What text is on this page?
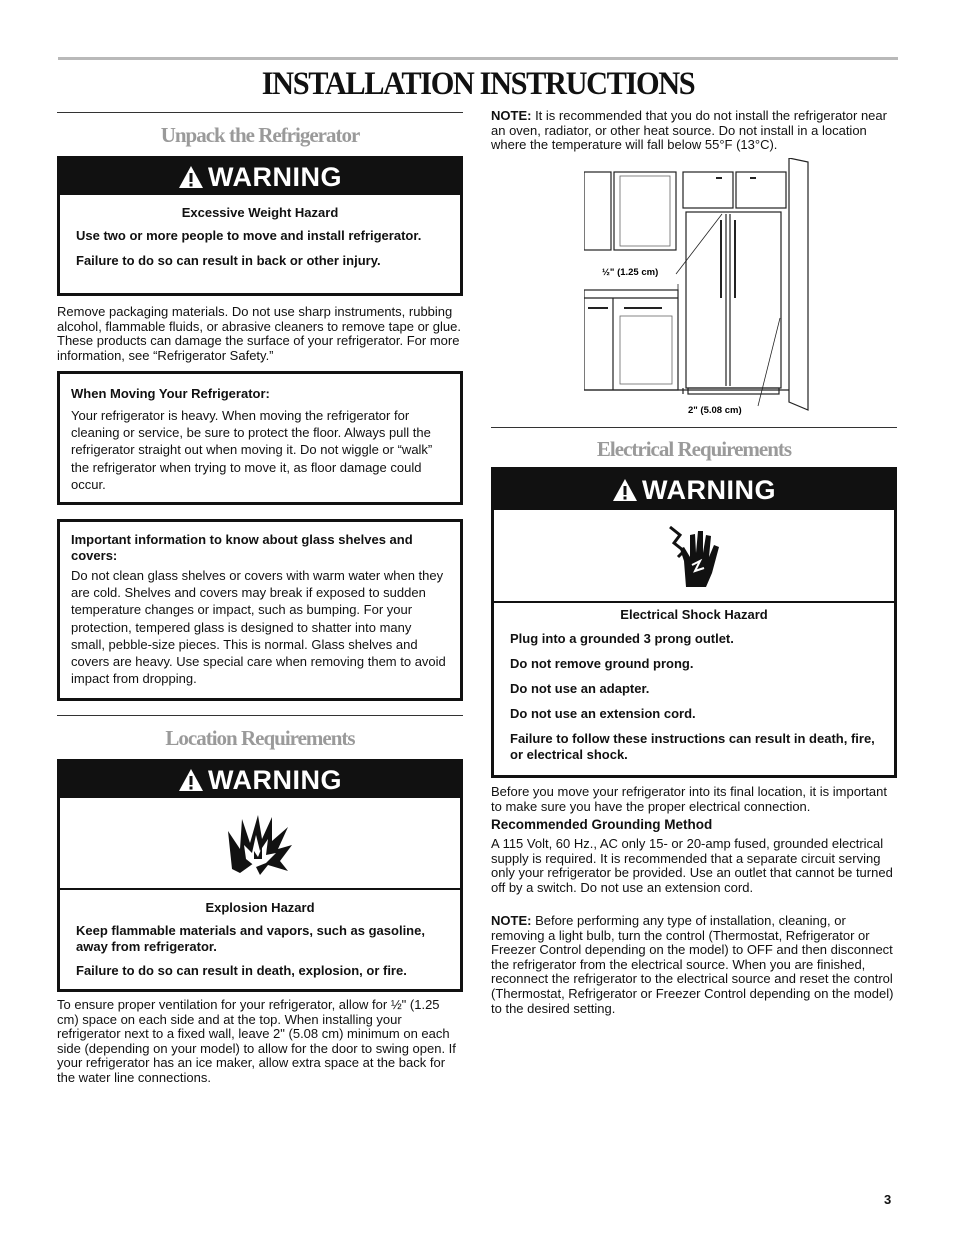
INSTALLATION INSTRUCTIONS
Unpack the Refrigerator
WARNING
Excessive Weight Hazard
Use two or more people to move and install refrigerator.
Failure to do so can result in back or other injury.

Remove packaging materials. Do not use sharp instruments, rubbing alcohol, flammable fluids, or abrasive cleaners to remove tape or glue. These products can damage the surface of your refrigerator. For more information, see “Refrigerator Safety.”

When Moving Your Refrigerator:
Your refrigerator is heavy. When moving the refrigerator for cleaning or service, be sure to protect the floor. Always pull the refrigerator straight out when moving it. Do not wiggle or “walk” the refrigerator when trying to move it, as floor damage could occur.
Important information to know about glass shelves and covers:
Do not clean glass shelves or covers with warm water when they are cold. Shelves and covers may break if exposed to sudden temperature changes or impact, such as bumping. For your protection, tempered glass is designed to shatter into many small, pebble-size pieces. This is normal. Glass shelves and covers are heavy. Use special care when removing them to avoid impact from dropping.
Location Requirements
WARNING
Explosion Hazard
Keep flammable materials and vapors, such as gasoline, away from refrigerator.
Failure to do so can result in death, explosion, or fire.

To ensure proper ventilation for your refrigerator, allow for ½" (1.25 cm) space on each side and at the top. When installing your refrigerator next to a fixed wall, leave 2" (5.08 cm) minimum on each side (depending on your model) to allow for the door to swing open. If your refrigerator has an ice maker, allow extra space at the back for the water line connections.

NOTE: It is recommended that you do not install the refrigerator near an oven, radiator, or other heat source. Do not install in a location where the temperature will fall below 55°F (13°C).

½" (1.25 cm)
2" (5.08 cm)
Electrical Requirements
WARNING
Electrical Shock Hazard
Plug into a grounded 3 prong outlet.
Do not remove ground prong.
Do not use an adapter.
Do not use an extension cord.
Failure to follow these instructions can result in death, fire, or electrical shock.

Before you move your refrigerator into its final location, it is important to make sure you have the proper electrical connection.

Recommended Grounding Method

A 115 Volt, 60 Hz., AC only 15- or 20-amp fused, grounded electrical supply is required. It is recommended that a separate circuit serving only your refrigerator be provided. Use an outlet that cannot be turned off by a switch. Do not use an extension cord.

NOTE: Before performing any type of installation, cleaning, or removing a light bulb, turn the control (Thermostat, Refrigerator or Freezer Control depending on the model) to OFF and then disconnect the refrigerator from the electrical source. When you are finished, reconnect the refrigerator to the electrical source and reset the control (Thermostat, Refrigerator or Freezer Control depending on the model) to the desired setting.

3
